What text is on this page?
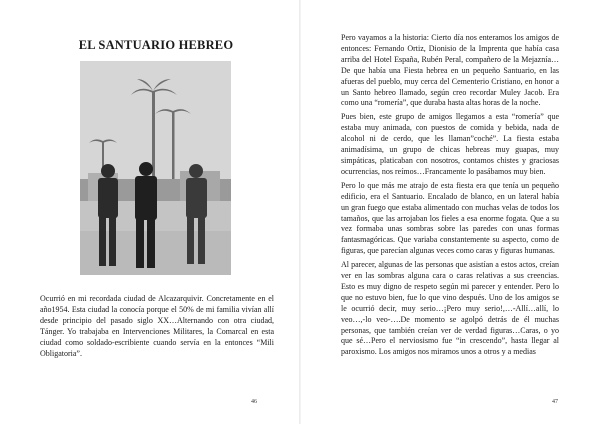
EL SANTUARIO HEBREO

Ocurrió en mi recordada ciudad de Alcazarquivir. Concretamente en el año1954. Esta ciudad la conocía porque el 50% de mi familia vivían allí desde principio del pasado siglo XX…Alternando con otra ciudad, Tánger. Yo trabajaba en Intervenciones Militares, la Comarcal en esta ciudad como soldado-escribiente cuando servía en la entonces “Mili Obligatoria”.

46

Pero vayamos a la historia: Cierto día nos enteramos los amigos de entonces: Fernando Ortiz, Dionisio de la Imprenta que había casa arriba del Hotel España, Rubén Peral, compañero de la Mejaznía… De que había una Fiesta hebrea en un pequeño Santuario, en las afueras del pueblo, muy cerca del Cementerio Cristiano, en honor a un Santo hebreo llamado, según creo recordar Muley Jacob. Era como una “romería”, que duraba hasta altas horas de la noche.

Pues bien, este grupo de amigos llegamos a esta “romería” que estaba muy animada, con puestos de comida y bebida, nada de alcohol ni de cerdo, que les llaman”coché”. La fiesta estaba animadísima, un grupo de chicas hebreas muy guapas, muy simpáticas, platicaban con nosotros, contamos chistes y graciosas ocurrencias, nos reímos…Francamente lo pasábamos muy bien.

Pero lo que más me atrajo de esta fiesta era que tenía un pequeño edificio, era el Santuario. Encalado de blanco, en un lateral había un gran fuego que estaba alimentado con muchas velas de todos los tamaños, que las arrojaban los fieles a esa enorme fogata. Que a su vez formaba unas sombras sobre las paredes con unas formas fantasmagóricas. Que variaba constantemente su aspecto, como de figuras, que parecían algunas veces como caras y figuras humanas.

Al parecer, algunas de las personas que asistían a estos actos, creían ver en las sombras alguna cara o caras relativas a sus creencias. Esto es muy digno de respeto según mi parecer y entender. Pero lo que no estuvo bien, fue lo que vino después. Uno de los amigos se le ocurrió decir, muy serio…¡Pero muy serio!,…-Allí…allí, lo veo…,-lo veo-….De momento se agolpó detrás de él muchas personas, que también creían ver de verdad figuras…Caras, o yo que sé…Pero el nerviosismo fue “in crescendo”, hasta llegar al paroxismo. Los amigos nos miramos unos a otros y a medias

47
